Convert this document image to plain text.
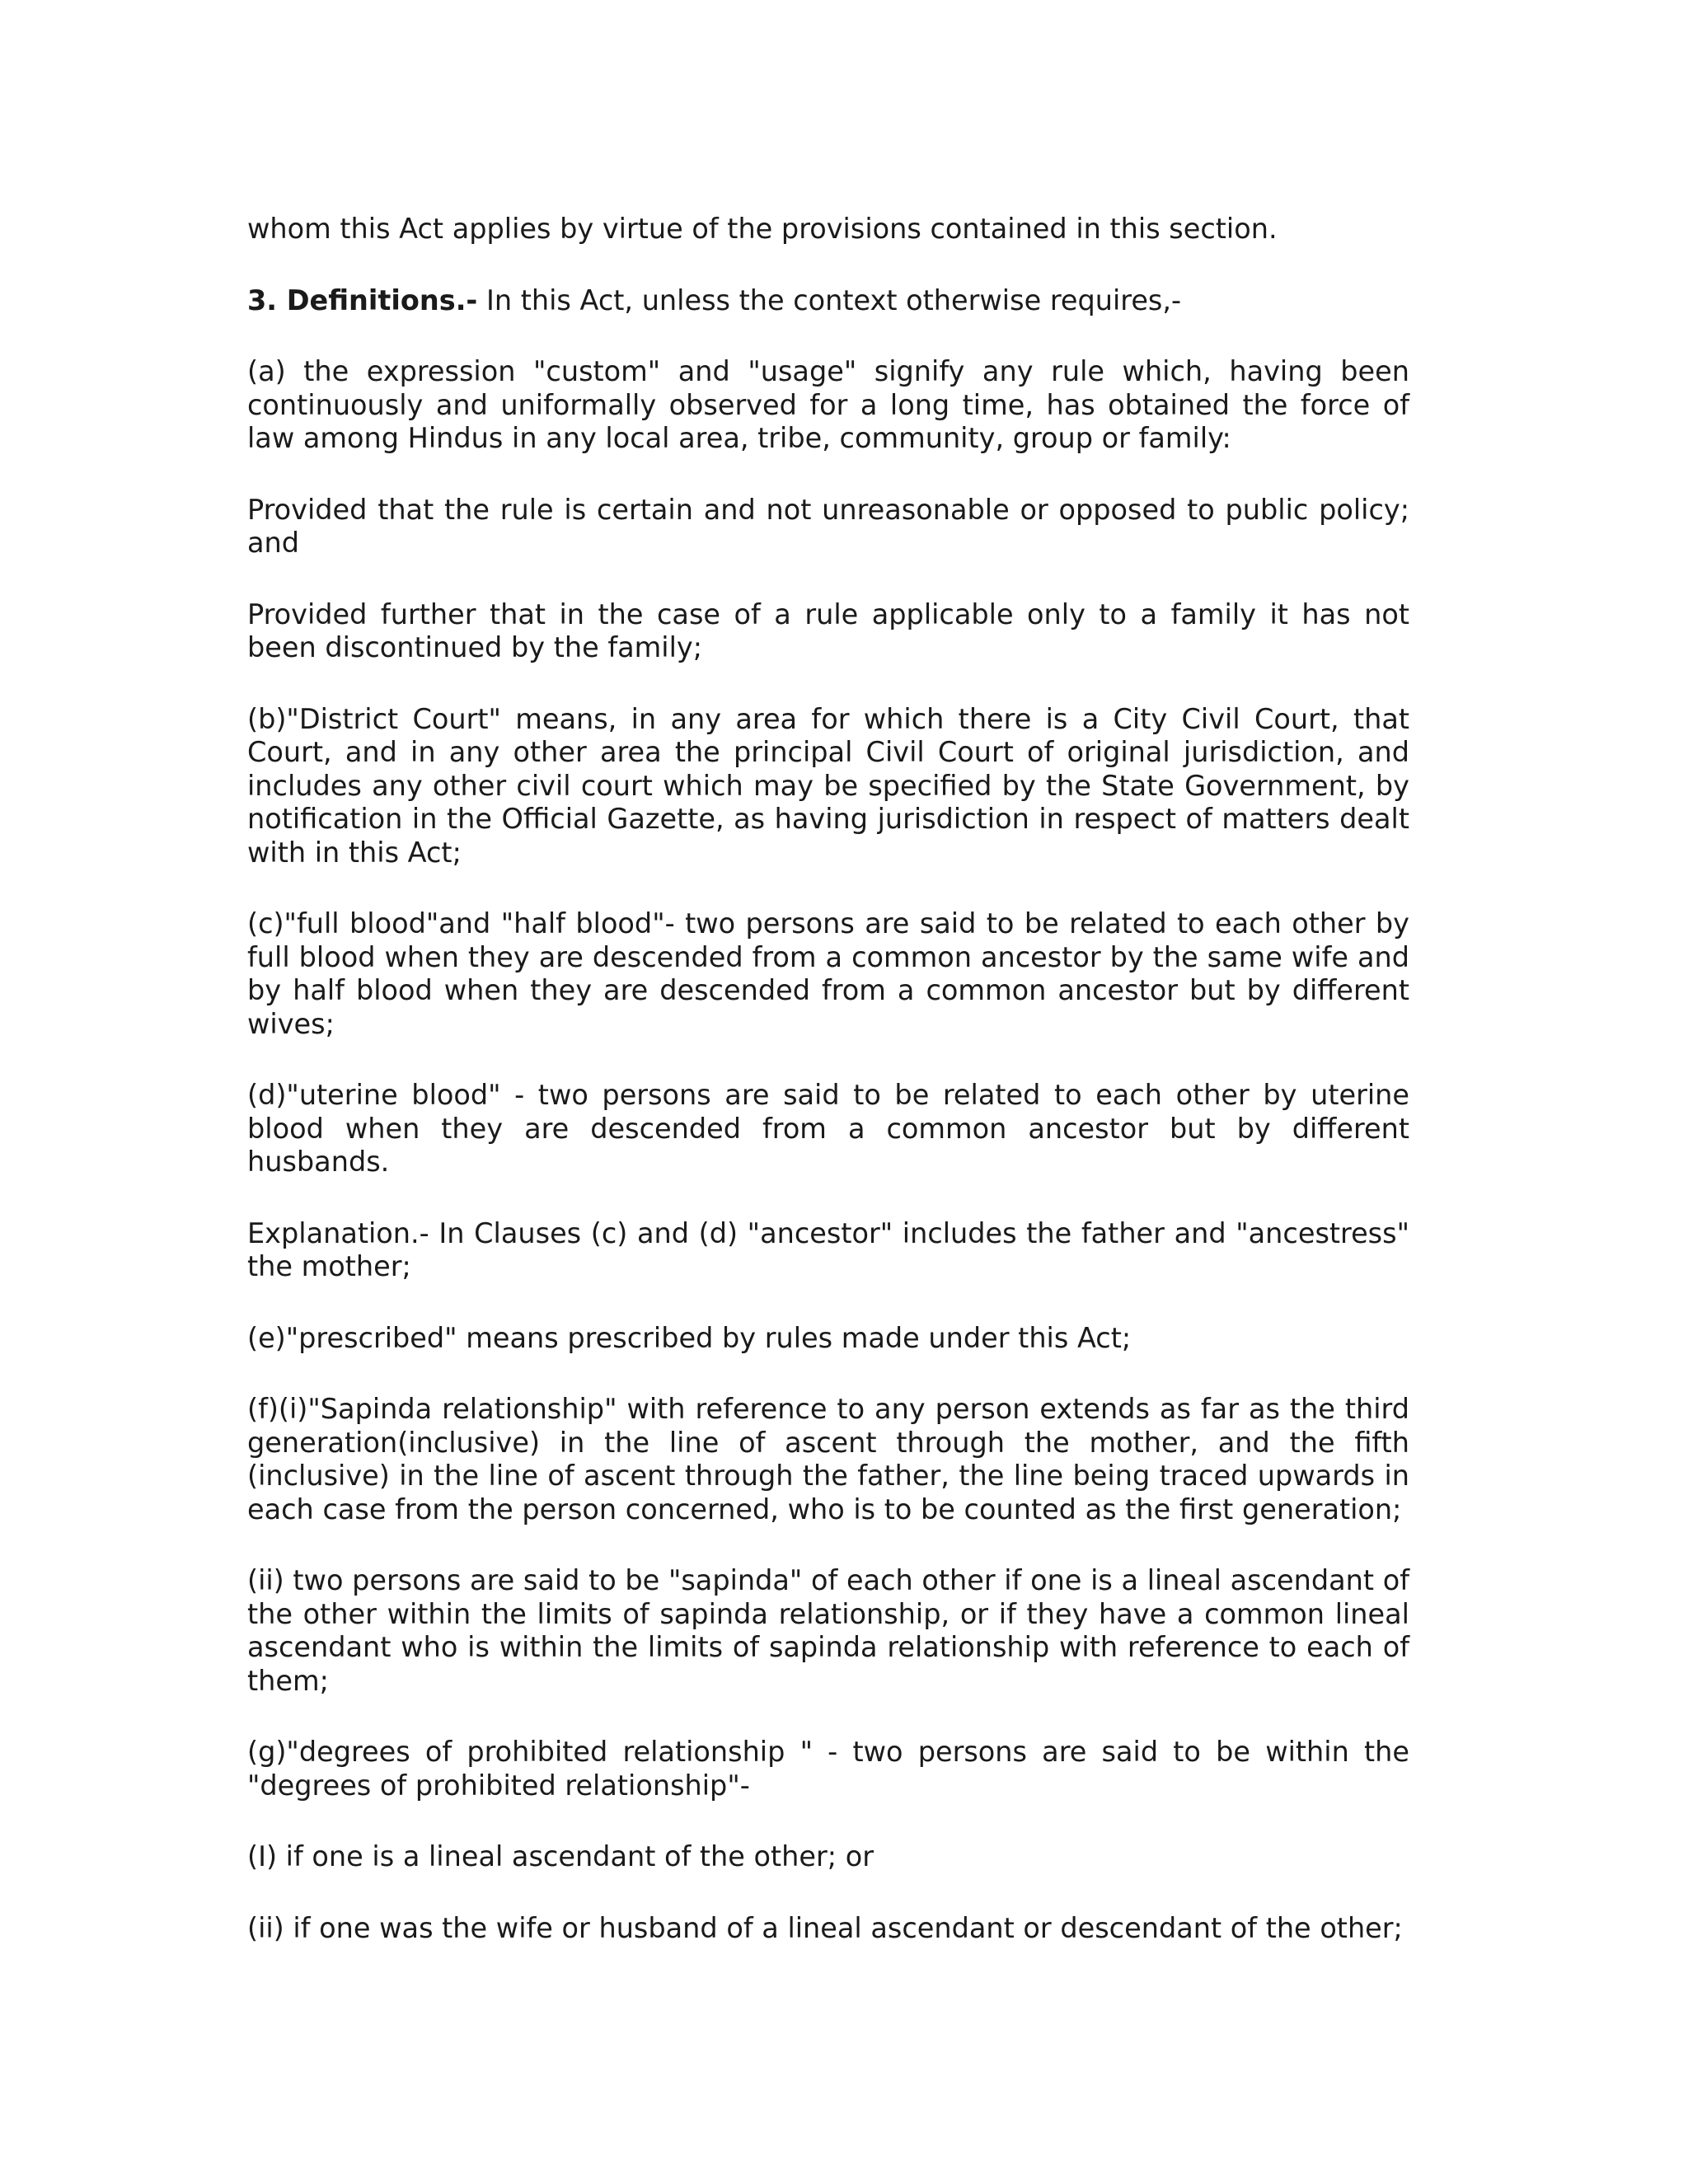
whom this Act applies by virtue of the provisions contained in this section.

3. Definitions.- In this Act, unless the context otherwise requires,-

(a) the expression "custom" and "usage" signify any rule which, having been continuously and uniformally observed for a long time, has obtained the force of law among Hindus in any local area, tribe, community, group or family:

Provided that the rule is certain and not unreasonable or opposed to public policy; and

Provided further that in the case of a rule applicable only to a family it has not been discontinued by the family;

(b)"District Court" means, in any area for which there is a City Civil Court, that Court, and in any other area the principal Civil Court of original jurisdiction, and includes any other civil court which may be specified by the State Government, by notification in the Official Gazette, as having jurisdiction in respect of matters dealt with in this Act;

(c)"full blood"and "half blood"- two persons are said to be related to each other by full blood when they are descended from a common ancestor by the same wife and by half blood when they are descended from a common ancestor but by different wives;

(d)"uterine blood" - two persons are said to be related to each other by uterine blood when they are descended from a common ancestor but by different husbands.

Explanation.- In Clauses (c) and (d) "ancestor" includes the father and "ancestress" the mother;

(e)"prescribed" means prescribed by rules made under this Act;

(f)(i)"Sapinda relationship" with reference to any person extends as far as the third generation(inclusive) in the line of ascent through the mother, and the fifth (inclusive) in the line of ascent through the father, the line being traced upwards in each case from the person concerned, who is to be counted as the first generation;

(ii) two persons are said to be "sapinda" of each other if one is a lineal ascendant of the other within the limits of sapinda relationship, or if they have a common lineal ascendant who is within the limits of sapinda relationship with reference to each of them;

(g)"degrees of prohibited relationship " - two persons are said to be within the "degrees of prohibited relationship"-

(I) if one is a lineal ascendant of the other; or

(ii) if one was the wife or husband of a lineal ascendant or descendant of the other;
